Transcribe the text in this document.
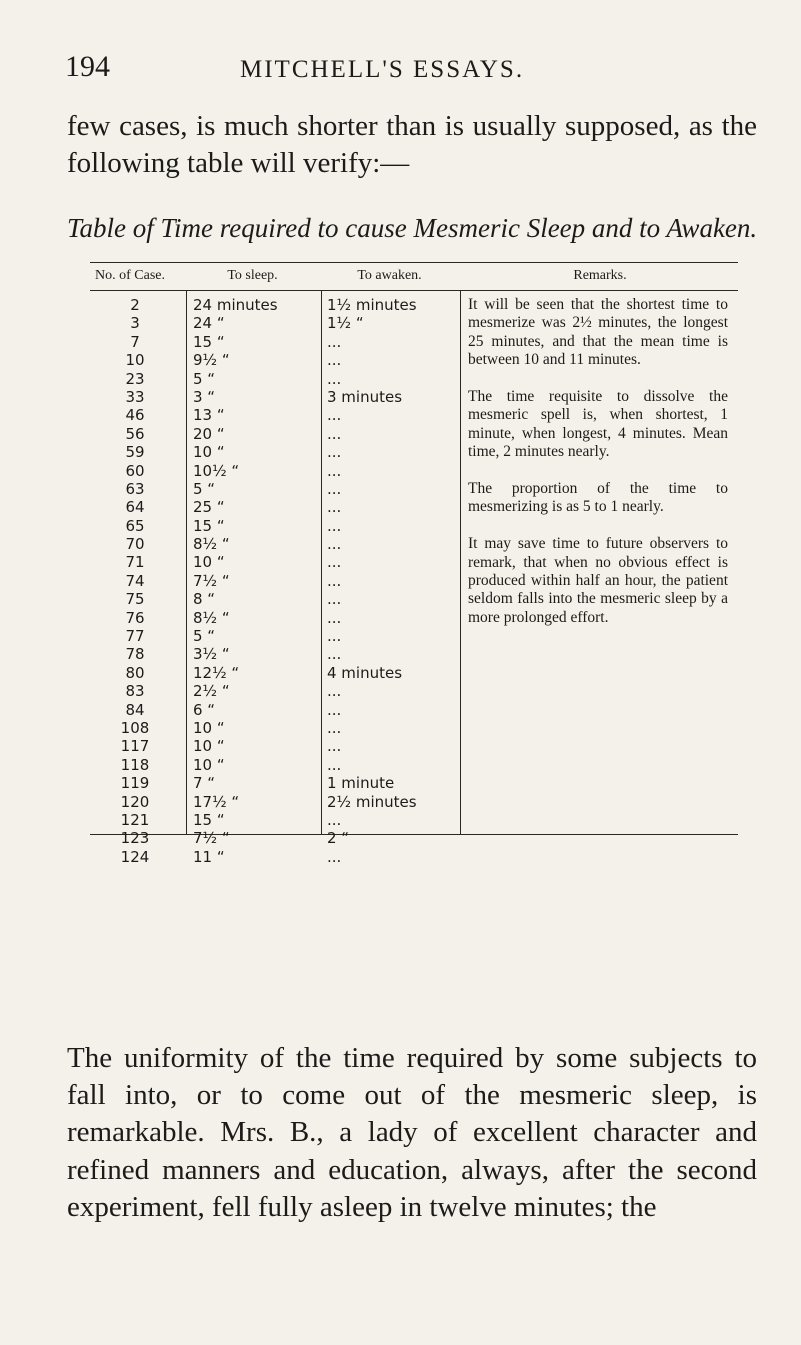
194	MITCHELL'S ESSAYS.

few cases, is much shorter than is usually supposed, as the following table will verify:—

Table of Time required to cause Mesmeric Sleep and to Awaken.
No. of Case.	To sleep.	To awaken.	Remarks.
2	24 minutes	1½ minutes
3	24 “	1½ “
7	15 “	...
10	9½ “	...
23	5 “	...
33	3 “	3 minutes
46	13 “	...
56	20 “	...
59	10 “	...
60	10½ “	...
63	5 “	...
64	25 “	...
65	15 “	...
70	8½ “	...
71	10 “	...
74	7½ “	...
75	8 “	...
76	8½ “	...
77	5 “	...
78	3½ “	...
80	12½ “	4 minutes
83	2½ “	...
84	6 “	...
108	10 “	...
117	10 “	...
118	10 “	...
119	7 “	1 minute
120	17½ “	2½ minutes
121	15 “	...
123	7½ “	2 “
124	11 “	...

It will be seen that the shortest time to mesmerize was 2½ minutes, the longest 25 minutes, and that the mean time is between 10 and 11 minutes.

The time requisite to dissolve the mesmeric spell is, when shortest, 1 minute, when longest, 4 minutes. Mean time, 2 minutes nearly.

The proportion of the time to mesmerizing is as 5 to 1 nearly.

It may save time to future observers to remark, that when no obvious effect is produced within half an hour, the patient seldom falls into the mesmeric sleep by a more prolonged effort.

The uniformity of the time required by some subjects to fall into, or to come out of the mesmeric sleep, is remarkable. Mrs. B., a lady of excellent character and refined manners and education, always, after the second experiment, fell fully asleep in twelve minutes; the
